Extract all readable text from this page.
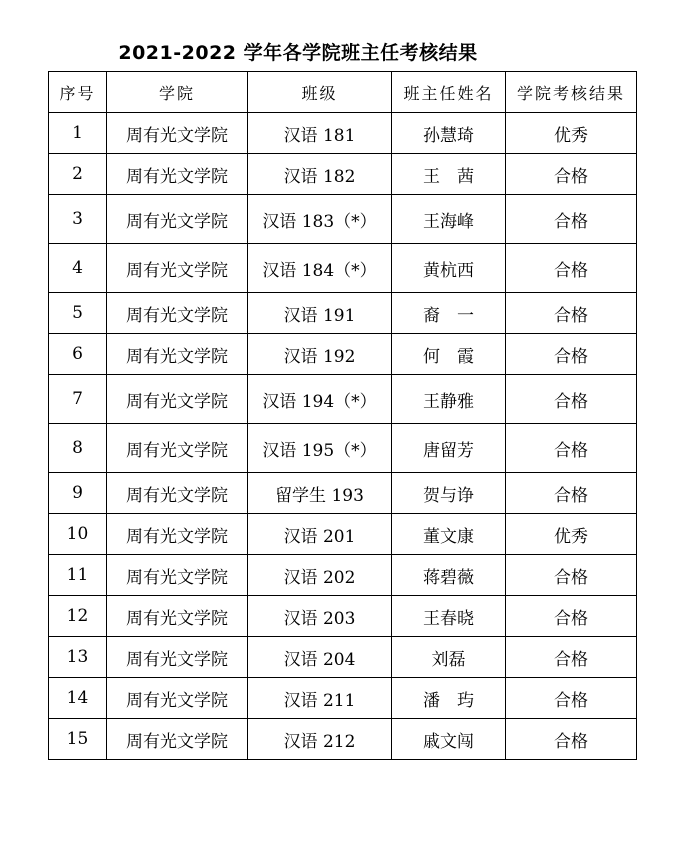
2021-2022 学年各学院班主任考核结果
序号	学院	班级	班主任姓名	学院考核结果
1	周有光文学院	汉语 181	孙慧琦	优秀
2	周有光文学院	汉语 182	王　茜	合格
3	周有光文学院	汉语 183（*）	王海峰	合格
4	周有光文学院	汉语 184（*）	黄杭西	合格
5	周有光文学院	汉语 191	裔　一	合格
6	周有光文学院	汉语 192	何　霞	合格
7	周有光文学院	汉语 194（*）	王静雅	合格
8	周有光文学院	汉语 195（*）	唐留芳	合格
9	周有光文学院	留学生 193	贺与诤	合格
10	周有光文学院	汉语 201	董文康	优秀
11	周有光文学院	汉语 202	蒋碧薇	合格
12	周有光文学院	汉语 203	王春晓	合格
13	周有光文学院	汉语 204	刘磊	合格
14	周有光文学院	汉语 211	潘　玙	合格
15	周有光文学院	汉语 212	戚文闯	合格
